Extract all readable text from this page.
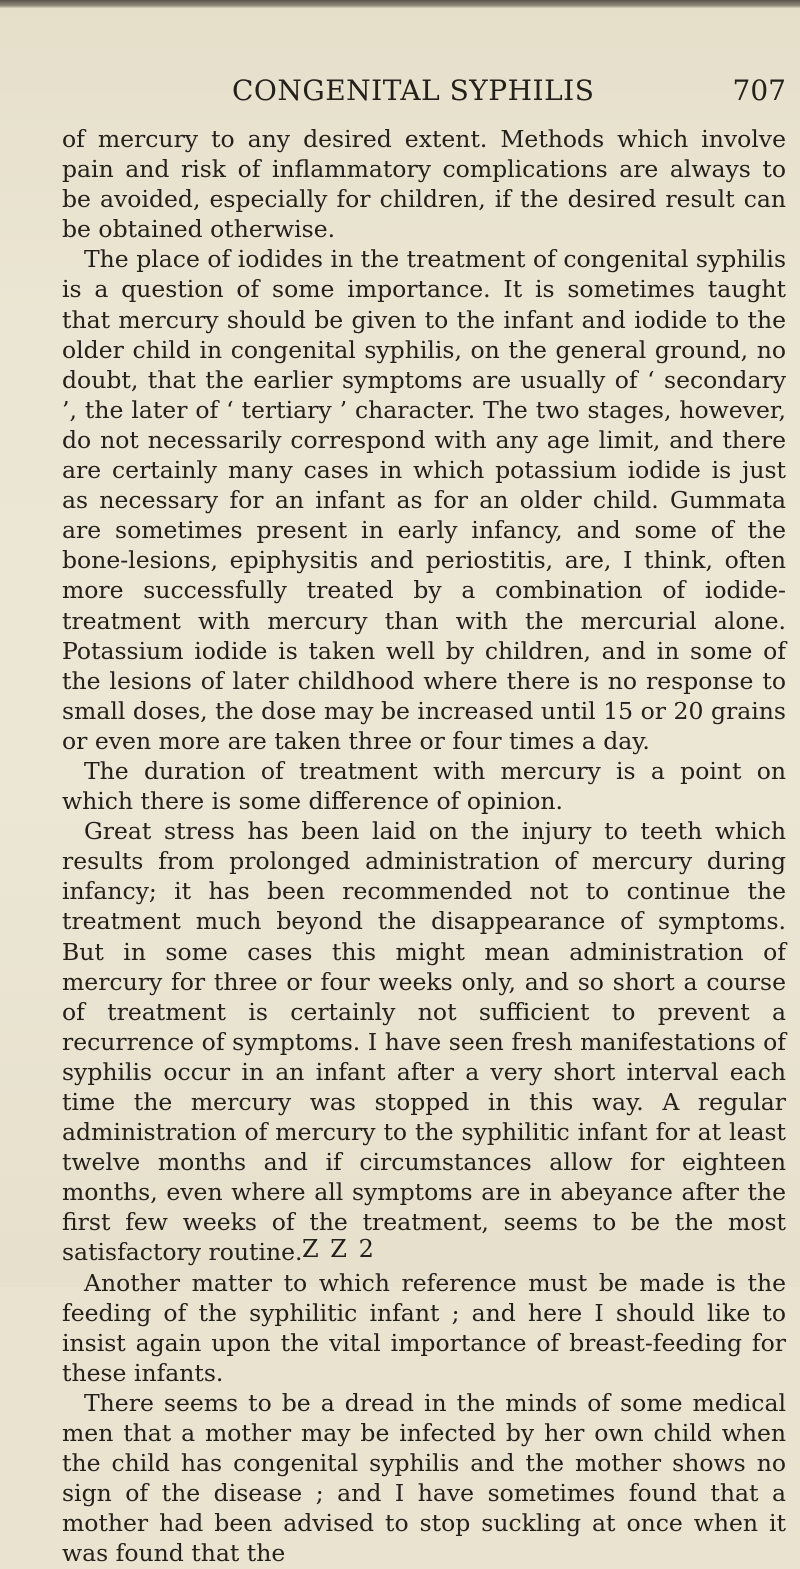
CONGENITAL SYPHILIS	707

of mercury to any desired extent. Methods which involve pain and risk of inflammatory complications are always to be avoided, especially for children, if the desired result can be obtained otherwise.

The place of iodides in the treatment of congenital syphilis is a question of some importance. It is sometimes taught that mercury should be given to the infant and iodide to the older child in congenital syphilis, on the general ground, no doubt, that the earlier symptoms are usually of ‘ secondary ’, the later of ‘ tertiary ’ character. The two stages, however, do not necessarily correspond with any age limit, and there are certainly many cases in which potassium iodide is just as necessary for an infant as for an older child. Gummata are sometimes present in early infancy, and some of the bone-lesions, epiphysitis and periostitis, are, I think, often more successfully treated by a combination of iodide-treatment with mercury than with the mercurial alone. Potassium iodide is taken well by children, and in some of the lesions of later childhood where there is no response to small doses, the dose may be increased until 15 or 20 grains or even more are taken three or four times a day.

The duration of treatment with mercury is a point on which there is some difference of opinion.

Great stress has been laid on the injury to teeth which results from prolonged administration of mercury during infancy; it has been recommended not to continue the treatment much beyond the disappearance of symptoms. But in some cases this might mean administration of mercury for three or four weeks only, and so short a course of treatment is certainly not sufficient to prevent a recurrence of symptoms. I have seen fresh manifestations of syphilis occur in an infant after a very short interval each time the mercury was stopped in this way. A regular administration of mercury to the syphilitic infant for at least twelve months and if circumstances allow for eighteen months, even where all symptoms are in abeyance after the first few weeks of the treatment, seems to be the most satisfactory routine.

Another matter to which reference must be made is the feeding of the syphilitic infant ; and here I should like to insist again upon the vital importance of breast-feeding for these infants.

There seems to be a dread in the minds of some medical men that a mother may be infected by her own child when the child has congenital syphilis and the mother shows no sign of the disease ; and I have sometimes found that a mother had been advised to stop suckling at once when it was found that the

Z Z 2
